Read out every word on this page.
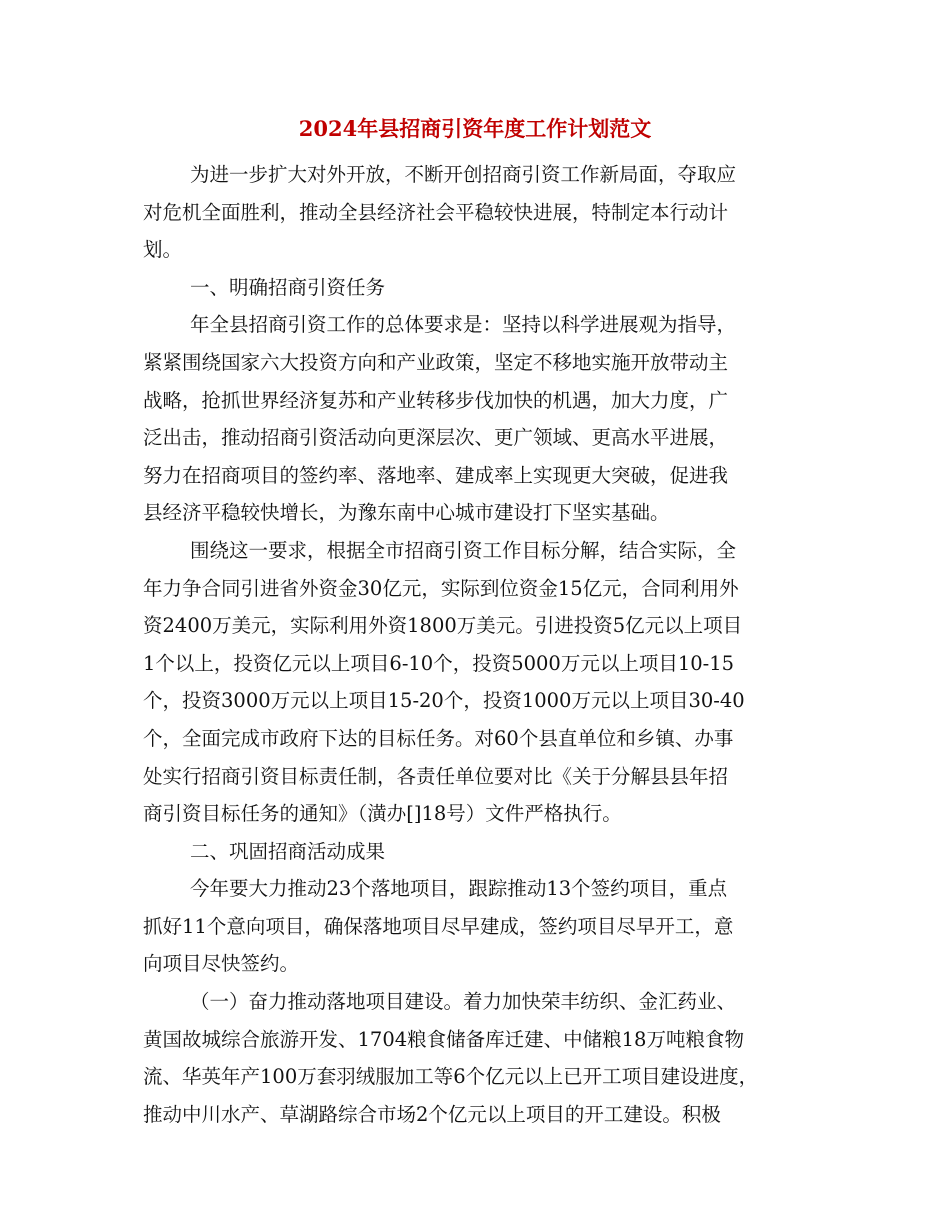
2024年县招商引资年度工作计划范文
为进一步扩大对外开放，不断开创招商引资工作新局面，夺取应
对危机全面胜利，推动全县经济社会平稳较快进展，特制定本行动计
划。
一、明确招商引资任务
年全县招商引资工作的总体要求是：坚持以科学进展观为指导，
紧紧围绕国家六大投资方向和产业政策，坚定不移地实施开放带动主
战略，抢抓世界经济复苏和产业转移步伐加快的机遇，加大力度，广
泛出击，推动招商引资活动向更深层次、更广领域、更高水平进展，
努力在招商项目的签约率、落地率、建成率上实现更大突破，促进我
县经济平稳较快增长，为豫东南中心城市建设打下坚实基础。
围绕这一要求，根据全市招商引资工作目标分解，结合实际，全
年力争合同引进省外资金30亿元，实际到位资金15亿元，合同利用外
资2400万美元，实际利用外资1800万美元。引进投资5亿元以上项目
1个以上，投资亿元以上项目6-10个，投资5000万元以上项目10-15
个，投资3000万元以上项目15-20个，投资1000万元以上项目30-40
个，全面完成市政府下达的目标任务。对60个县直单位和乡镇、办事
处实行招商引资目标责任制，各责任单位要对比《关于分解县县年招
商引资目标任务的通知》（潢办[]18号）文件严格执行。
二、巩固招商活动成果
今年要大力推动23个落地项目，跟踪推动13个签约项目，重点
抓好11个意向项目，确保落地项目尽早建成，签约项目尽早开工，意
向项目尽快签约。
（一）奋力推动落地项目建设。着力加快荣丰纺织、金汇药业、
黄国故城综合旅游开发、1704粮食储备库迁建、中储粮18万吨粮食物
流、华英年产100万套羽绒服加工等6个亿元以上已开工项目建设进度，
推动中川水产、草湖路综合市场2个亿元以上项目的开工建设。积极
